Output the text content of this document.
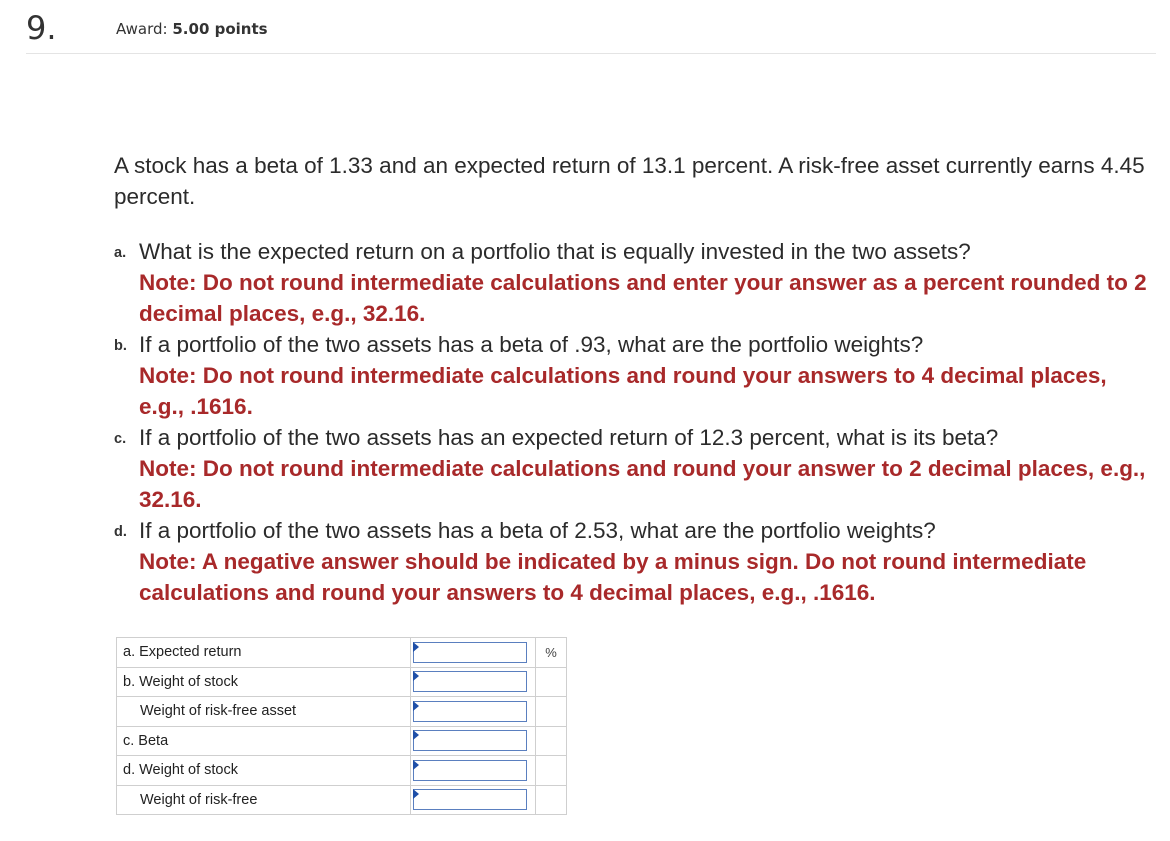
9.	Award: 5.00 points
A stock has a beta of 1.33 and an expected return of 13.1 percent. A risk-free asset currently earns 4.45 percent.
a. What is the expected return on a portfolio that is equally invested in the two assets?
Note: Do not round intermediate calculations and enter your answer as a percent rounded to 2 decimal places, e.g., 32.16.
b. If a portfolio of the two assets has a beta of .93, what are the portfolio weights?
Note: Do not round intermediate calculations and round your answers to 4 decimal places, e.g., .1616.
c. If a portfolio of the two assets has an expected return of 12.3 percent, what is its beta?
Note: Do not round intermediate calculations and round your answer to 2 decimal places, e.g., 32.16.
d. If a portfolio of the two assets has a beta of 2.53, what are the portfolio weights?
Note: A negative answer should be indicated by a minus sign. Do not round intermediate calculations and round your answers to 4 decimal places, e.g., .1616.
a. Expected return		%
b. Weight of stock	

Weight of risk-free asset	

c. Beta	

d. Weight of stock	

Weight of risk-free	
